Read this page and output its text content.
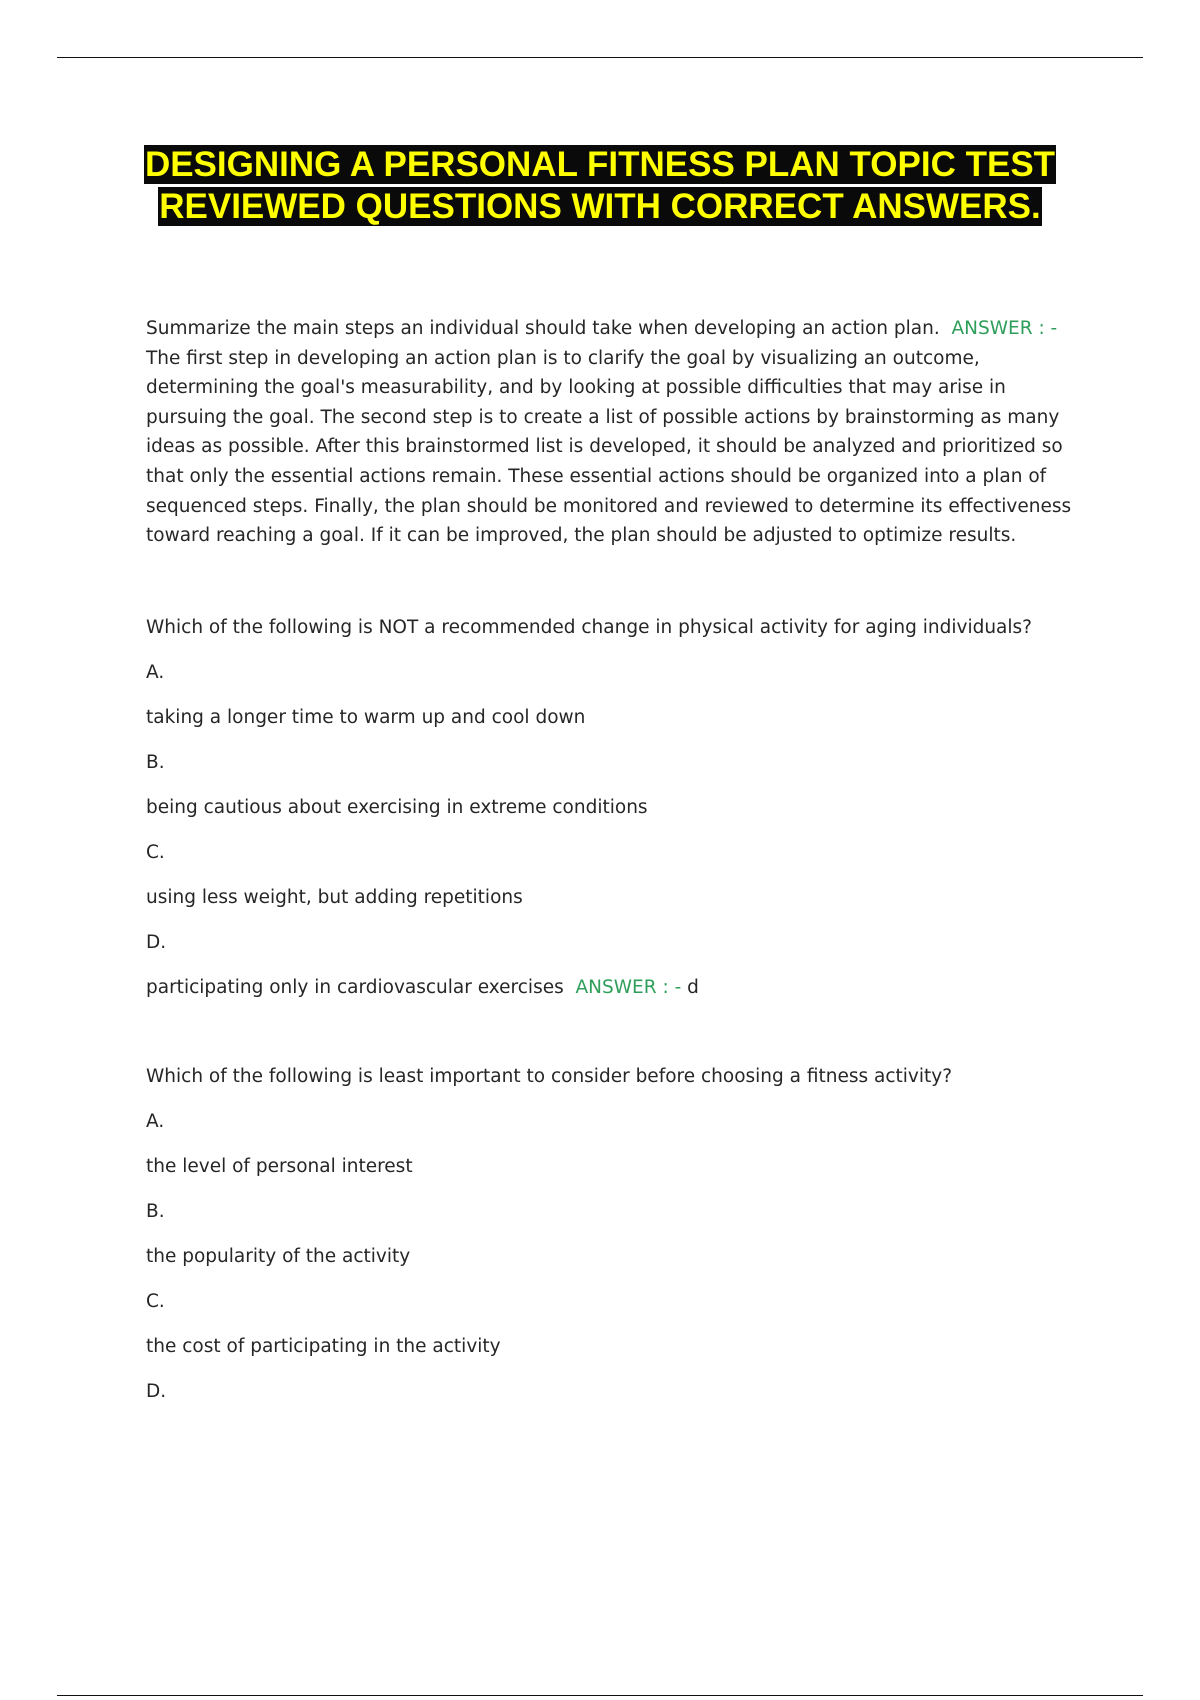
DESIGNING A PERSONAL FITNESS PLAN TOPIC TEST REVIEWED QUESTIONS WITH CORRECT ANSWERS.

Summarize the main steps an individual should take when developing an action plan. ANSWER : - The first step in developing an action plan is to clarify the goal by visualizing an outcome, determining the goal's measurability, and by looking at possible difficulties that may arise in pursuing the goal. The second step is to create a list of possible actions by brainstorming as many ideas as possible. After this brainstormed list is developed, it should be analyzed and prioritized so that only the essential actions remain. These essential actions should be organized into a plan of sequenced steps. Finally, the plan should be monitored and reviewed to determine its effectiveness toward reaching a goal. If it can be improved, the plan should be adjusted to optimize results.

Which of the following is NOT a recommended change in physical activity for aging individuals?

A.

taking a longer time to warm up and cool down

B.

being cautious about exercising in extreme conditions

C.

using less weight, but adding repetitions

D.

participating only in cardiovascular exercises ANSWER : - d

Which of the following is least important to consider before choosing a fitness activity?

A.

the level of personal interest

B.

the popularity of the activity

C.

the cost of participating in the activity

D.
